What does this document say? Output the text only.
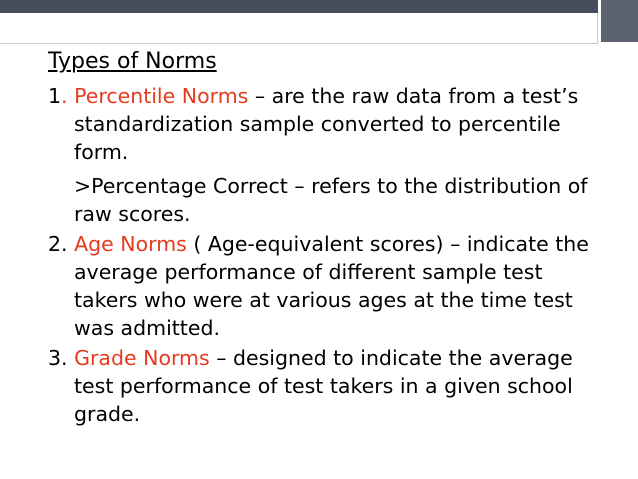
Types of Norms
1. Percentile Norms – are the raw data from a test’s standardization sample converted to percentile form.
>Percentage Correct – refers to the distribution of raw scores.
2. Age Norms ( Age-equivalent scores) – indicate the average performance of different sample test takers who were at various ages at the time test was admitted.
3. Grade Norms – designed to indicate the average test performance of test takers in a given school grade.
